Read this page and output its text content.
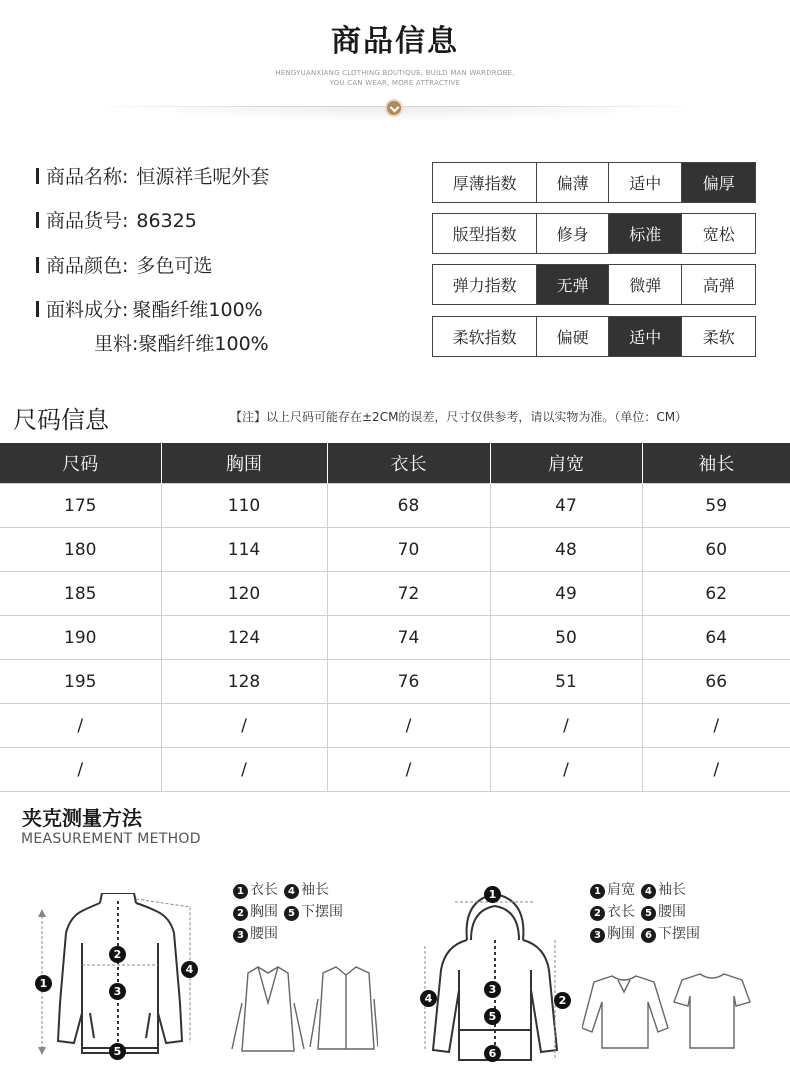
商品信息
HENGYUANXIANG CLOTHING BOUTIQUE, BUILD MAN WARDROBE,
YOU CAN WEAR, MORE ATTRACTIVE
商品名称: 恒源祥毛呢外套
商品货号: 86325
商品颜色: 多色可选
面料成分: 聚酯纤维100%
里料:聚酯纤维100%
厚薄指数	偏薄	适中	偏厚
版型指数	修身	标准	宽松
弹力指数	无弹	微弹	高弹
柔软指数	偏硬	适中	柔软
尺码信息	【注】以上尺码可能存在±2CM的误差，尺寸仅供参考，请以实物为准。（单位：CM）
尺码	胸围	衣长	肩宽	袖长
175	110	68	47	59
180	114	70	48	60
185	120	72	49	62
190	124	74	50	64
195	128	76	51	66
/	/	/	/	/
/	/	/	/	/
夹克测量方法
MEASUREMENT METHOD
1 衣长 4 袖长
2 胸围 5 下摆围
3 腰围
1 肩宽 4 袖长
2 衣长 5 腰围
3 胸围 6 下摆围
1
2
3
4
5
1
2
3
4
5
6
